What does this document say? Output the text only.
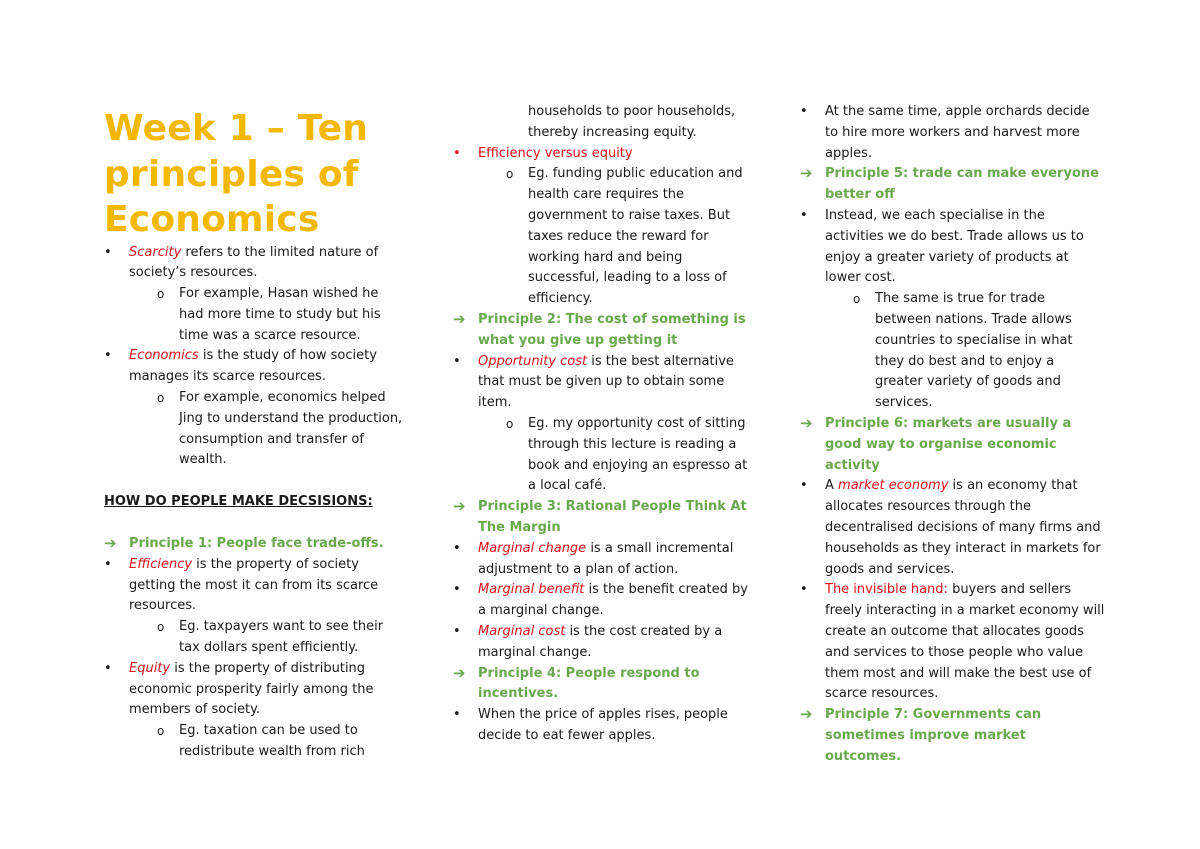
Week 1 – Ten principles of Economics
• Scarcity refers to the limited nature of society’s resources.
o For example, Hasan wished he had more time to study but his time was a scarce resource.
• Economics is the study of how society manages its scarce resources.
o For example, economics helped Jing to understand the production, consumption and transfer of wealth.
HOW DO PEOPLE MAKE DECSISIONS:
➔ Principle 1: People face trade-offs.
• Efficiency is the property of society getting the most it can from its scarce resources.
o Eg. taxpayers want to see their tax dollars spent efficiently.
• Equity is the property of distributing economic prosperity fairly among the members of society.
o Eg. taxation can be used to redistribute wealth from rich
households to poor households, thereby increasing equity.
• Efficiency versus equity
o Eg. funding public education and health care requires the government to raise taxes. But taxes reduce the reward for working hard and being successful, leading to a loss of efficiency.
➔ Principle 2: The cost of something is what you give up getting it
• Opportunity cost is the best alternative that must be given up to obtain some item.
o Eg. my opportunity cost of sitting through this lecture is reading a book and enjoying an espresso at a local café.
➔ Principle 3: Rational People Think At The Margin
• Marginal change is a small incremental adjustment to a plan of action.
• Marginal benefit is the benefit created by a marginal change.
• Marginal cost is the cost created by a marginal change.
➔ Principle 4: People respond to incentives.
• When the price of apples rises, people decide to eat fewer apples.
• At the same time, apple orchards decide to hire more workers and harvest more apples.
➔ Principle 5: trade can make everyone better off
• Instead, we each specialise in the activities we do best. Trade allows us to enjoy a greater variety of products at lower cost.
o The same is true for trade between nations. Trade allows countries to specialise in what they do best and to enjoy a greater variety of goods and services.
➔ Principle 6: markets are usually a good way to organise economic activity
• A market economy is an economy that allocates resources through the decentralised decisions of many firms and households as they interact in markets for goods and services.
• The invisible hand: buyers and sellers freely interacting in a market economy will create an outcome that allocates goods and services to those people who value them most and will make the best use of scarce resources.
➔ Principle 7: Governments can sometimes improve market outcomes.
